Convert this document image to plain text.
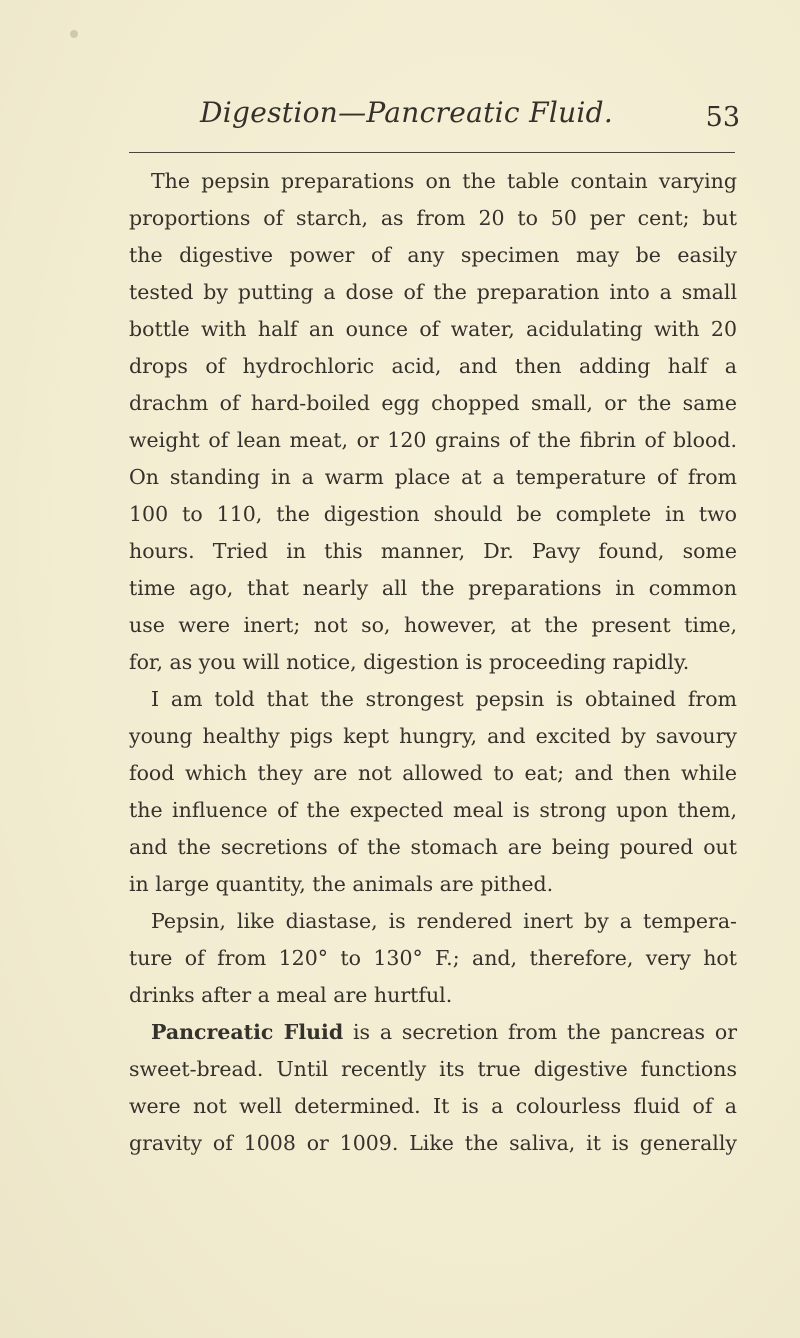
Digestion—Pancreatic Fluid.	53
The pepsin preparations on the table contain varying
proportions of starch, as from 20 to 50 per cent; but
the digestive power of any specimen may be easily
tested by putting a dose of the preparation into a small
bottle with half an ounce of water, acidulating with 20
drops of hydrochloric acid, and then adding half a
drachm of hard-boiled egg chopped small, or the same
weight of lean meat, or 120 grains of the fibrin of blood.
On standing in a warm place at a temperature of from
100 to 110, the digestion should be complete in two
hours. Tried in this manner, Dr. Pavy found, some
time ago, that nearly all the preparations in common
use were inert; not so, however, at the present time,
for, as you will notice, digestion is proceeding rapidly.
I am told that the strongest pepsin is obtained from
young healthy pigs kept hungry, and excited by savoury
food which they are not allowed to eat; and then while
the influence of the expected meal is strong upon them,
and the secretions of the stomach are being poured out
in large quantity, the animals are pithed.
Pepsin, like diastase, is rendered inert by a tempera-
ture of from 120° to 130° F.; and, therefore, very hot
drinks after a meal are hurtful.
Pancreatic Fluid is a secretion from the pancreas or
sweet-bread. Until recently its true digestive functions
were not well determined. It is a colourless fluid of a
gravity of 1008 or 1009. Like the saliva, it is generally
